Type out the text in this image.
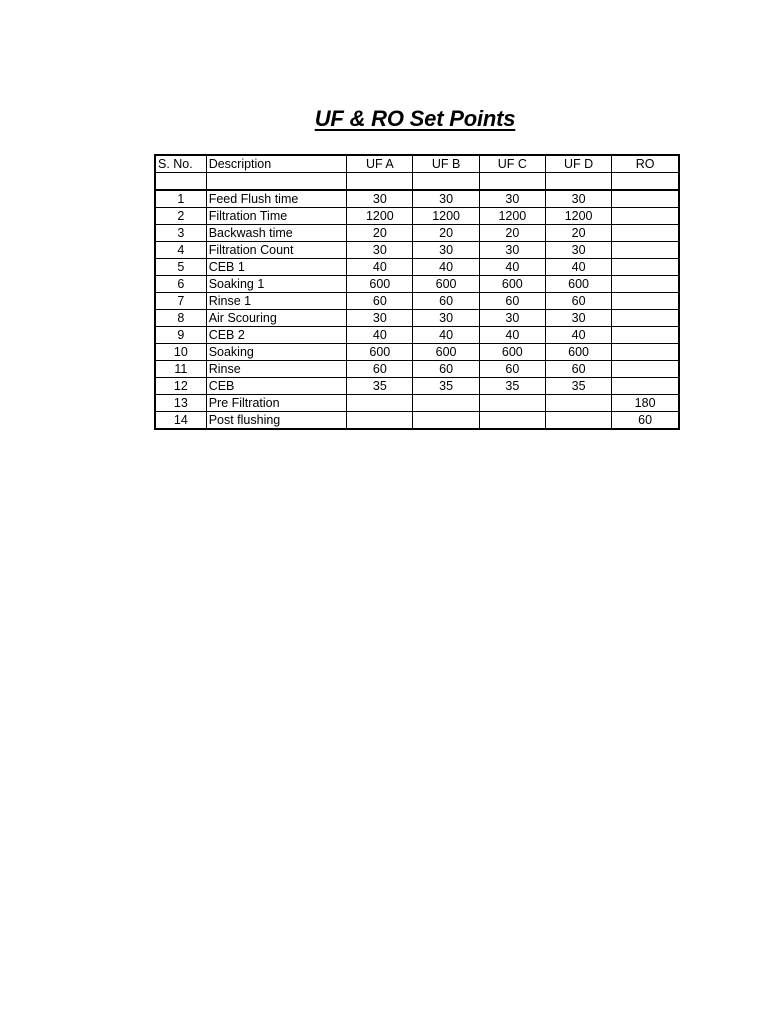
UF & RO Set Points
S. No.	Description	UF A	UF B	UF C	UF D	RO

1	Feed Flush time	30	30	30	30	
2	Filtration Time	1200	1200	1200	1200	
3	Backwash time	20	20	20	20	
4	Filtration Count	30	30	30	30	
5	CEB 1	40	40	40	40	
6	Soaking 1	600	600	600	600	
7	Rinse 1	60	60	60	60	
8	Air Scouring	30	30	30	30	
9	CEB 2	40	40	40	40	
10	Soaking	600	600	600	600	
11	Rinse	60	60	60	60	
12	CEB	35	35	35	35	
13	Pre Filtration					180
14	Post flushing					60
